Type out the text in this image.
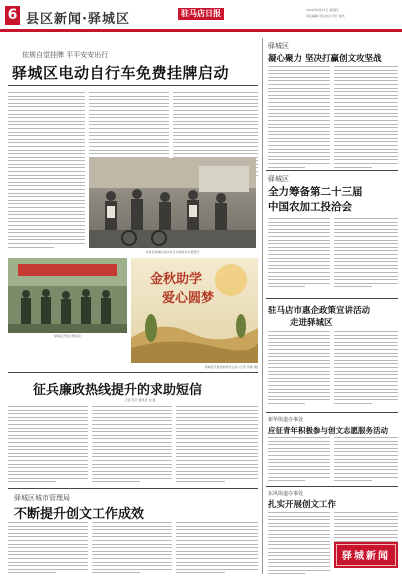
6 县区新闻·驿城区	驻马店日报	2024年6月27日 星期四
责任编辑 责任校对 设计 版式
依规自觉挂牌 平平安安出行
驿城区电动自行车免费挂牌启动
市民在驿城区电动自行车挂牌点办理登记
驿城区开展主题活动
金秋助学
爱心圆梦
驿城区开展金秋助学活动 (记者 苏静 摄)
征兵廉政热线提升的求助短信
记者 苏宇 通讯员 刘 通
驿城区城市管理局
不断提升创文工作成效
驿城区
凝心聚力 坚决打赢创文攻坚战
驿城区
全力筹备第二十三届
中国农加工投洽会
驻马店市惠企政策宣讲活动
走进驿城区
新华街道办事处
应征青年积极参与创文志愿服务活动
东风街道办事处
扎实开展创文工作
驿城新闻
